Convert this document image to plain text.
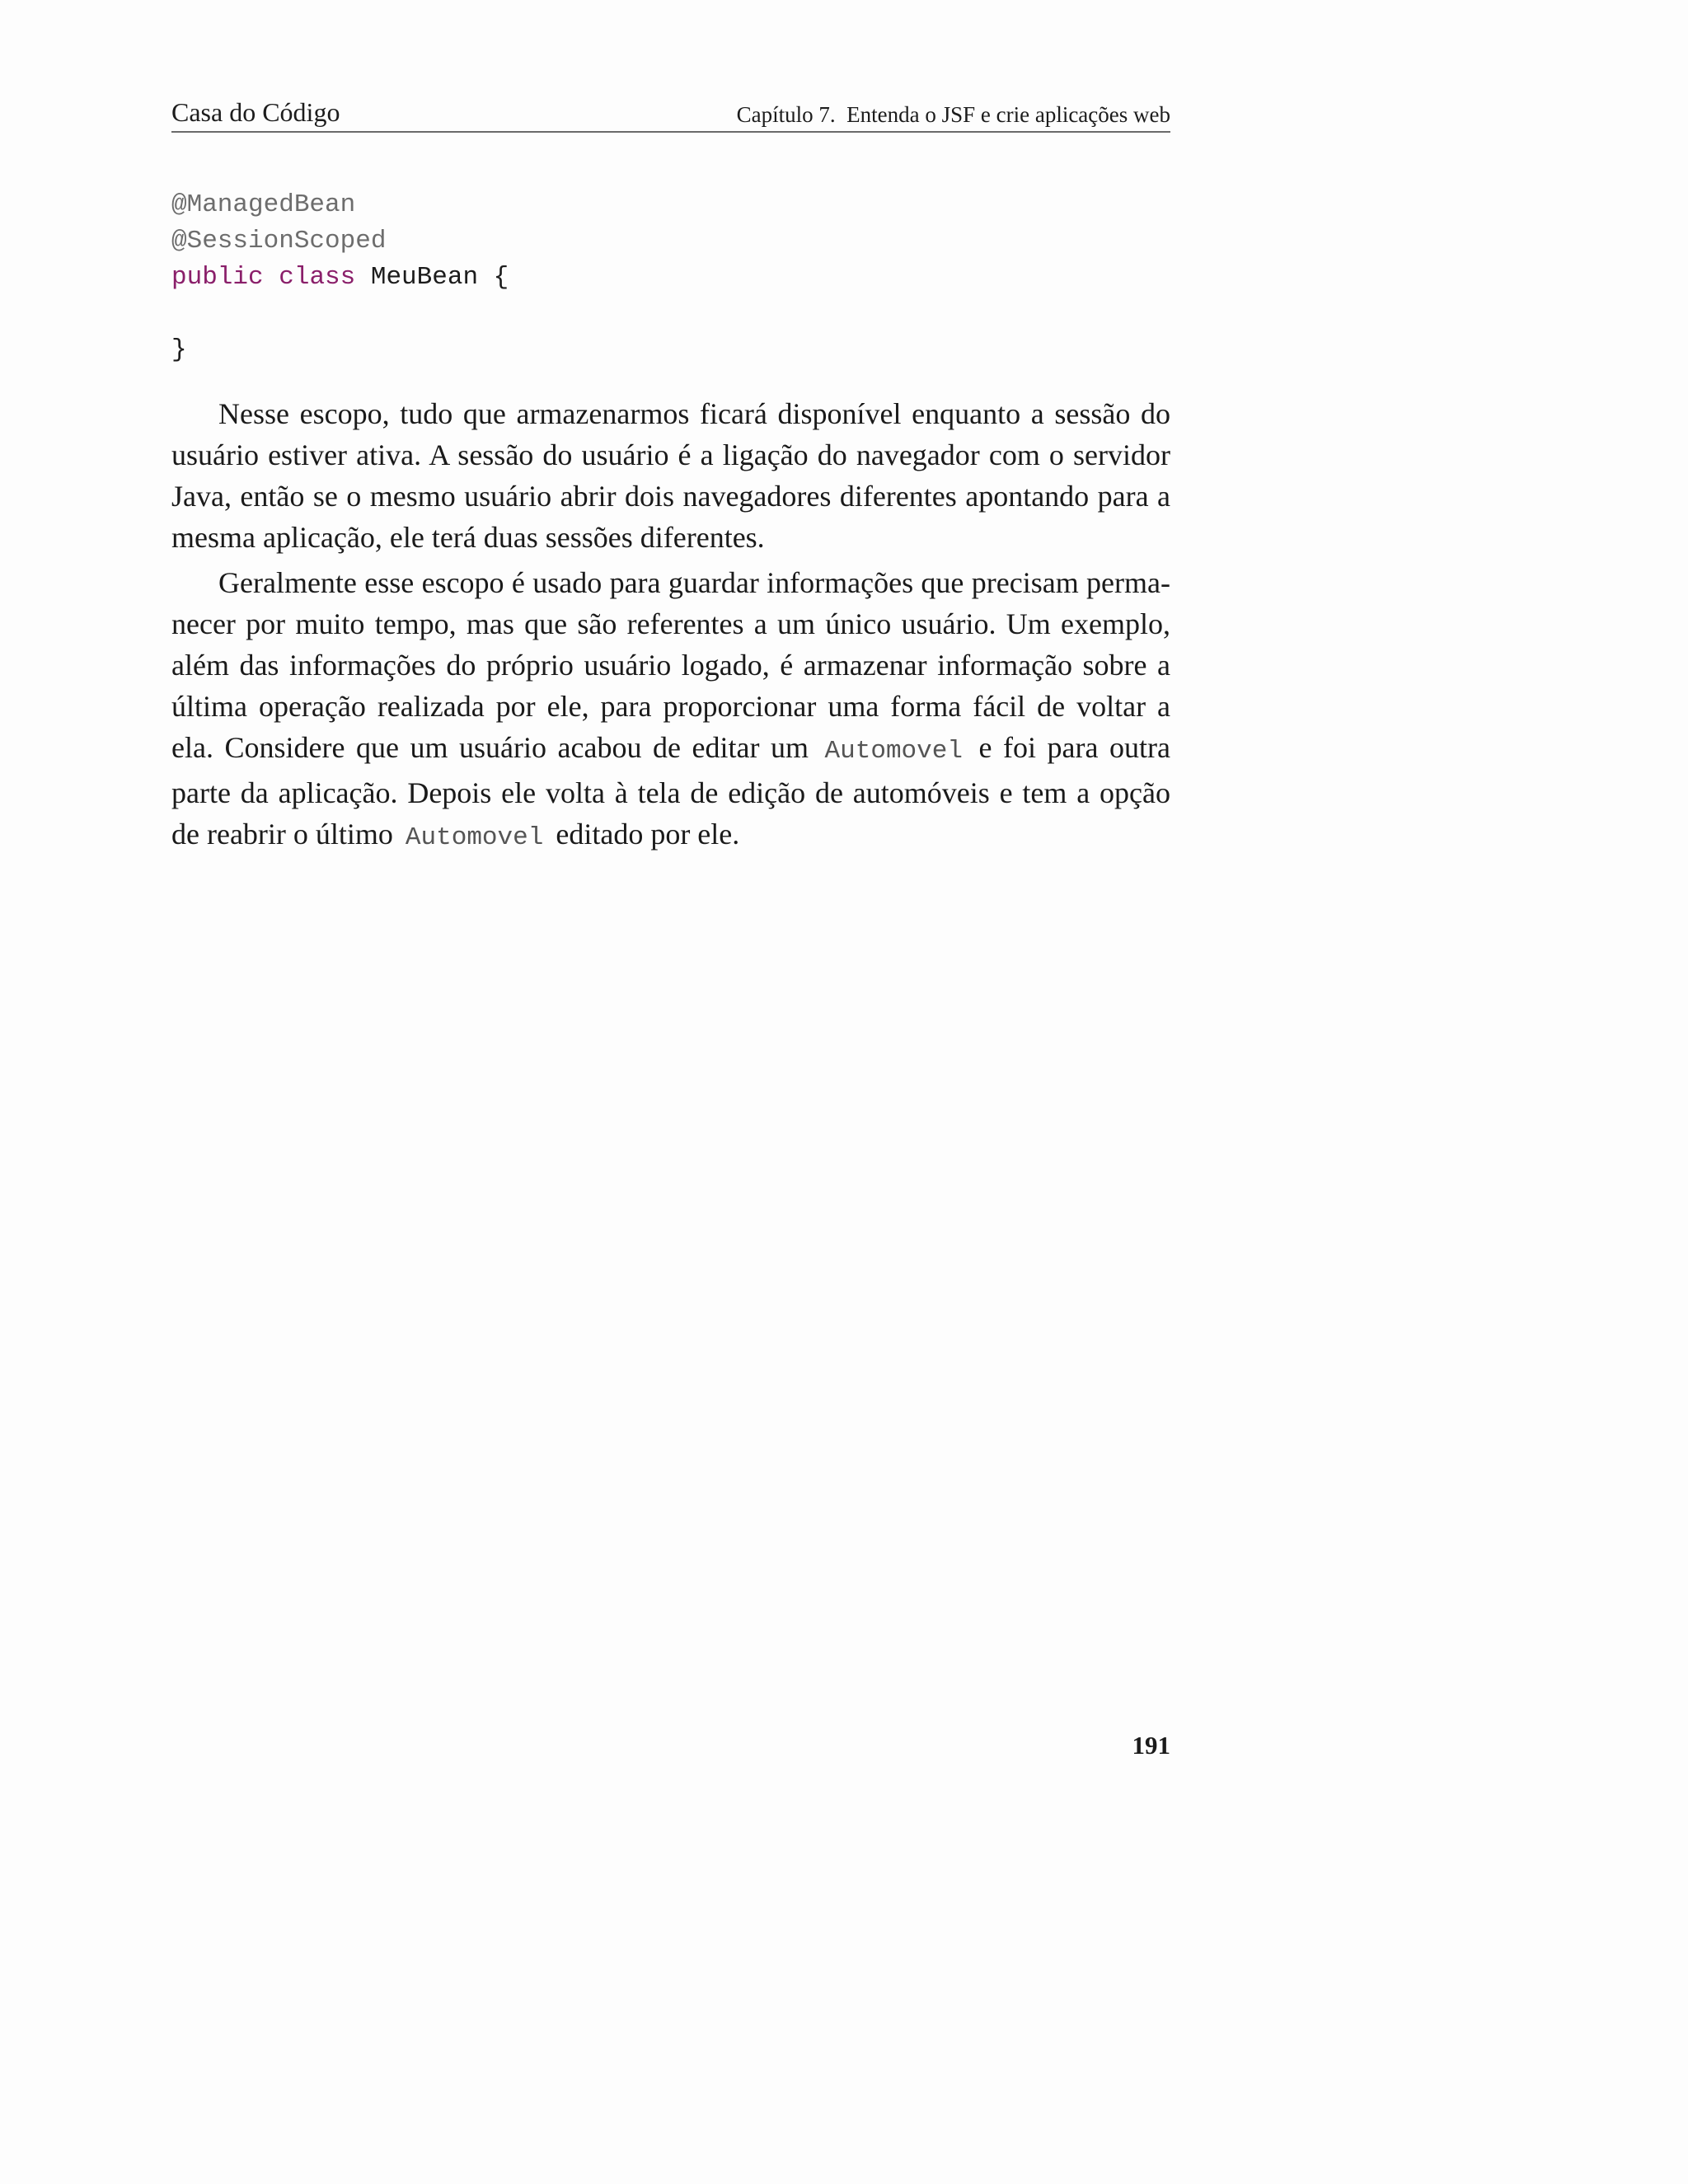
Casa do Código	Capítulo 7.  Entenda o JSF e crie aplicações web
@ManagedBean
@SessionScoped
public class MeuBean {
}

Nesse escopo, tudo que armazenarmos ficará disponível enquanto a sessão do usuário estiver ativa. A sessão do usuário é a ligação do navegador com o servidor Java, então se o mesmo usuário abrir dois navegadores diferentes apontando para a mesma aplicação, ele terá duas sessões diferentes.

Geralmente esse escopo é usado para guardar informações que precisam permanecer por muito tempo, mas que são referentes a um único usuário. Um exemplo, além das informações do próprio usuário logado, é armazenar informação sobre a última operação realizada por ele, para proporcionar uma forma fácil de voltar a ela. Considere que um usuário acabou de editar um Automovel e foi para outra parte da aplicação. Depois ele volta à tela de edição de automóveis e tem a opção de reabrir o último Automovel editado por ele.

191
